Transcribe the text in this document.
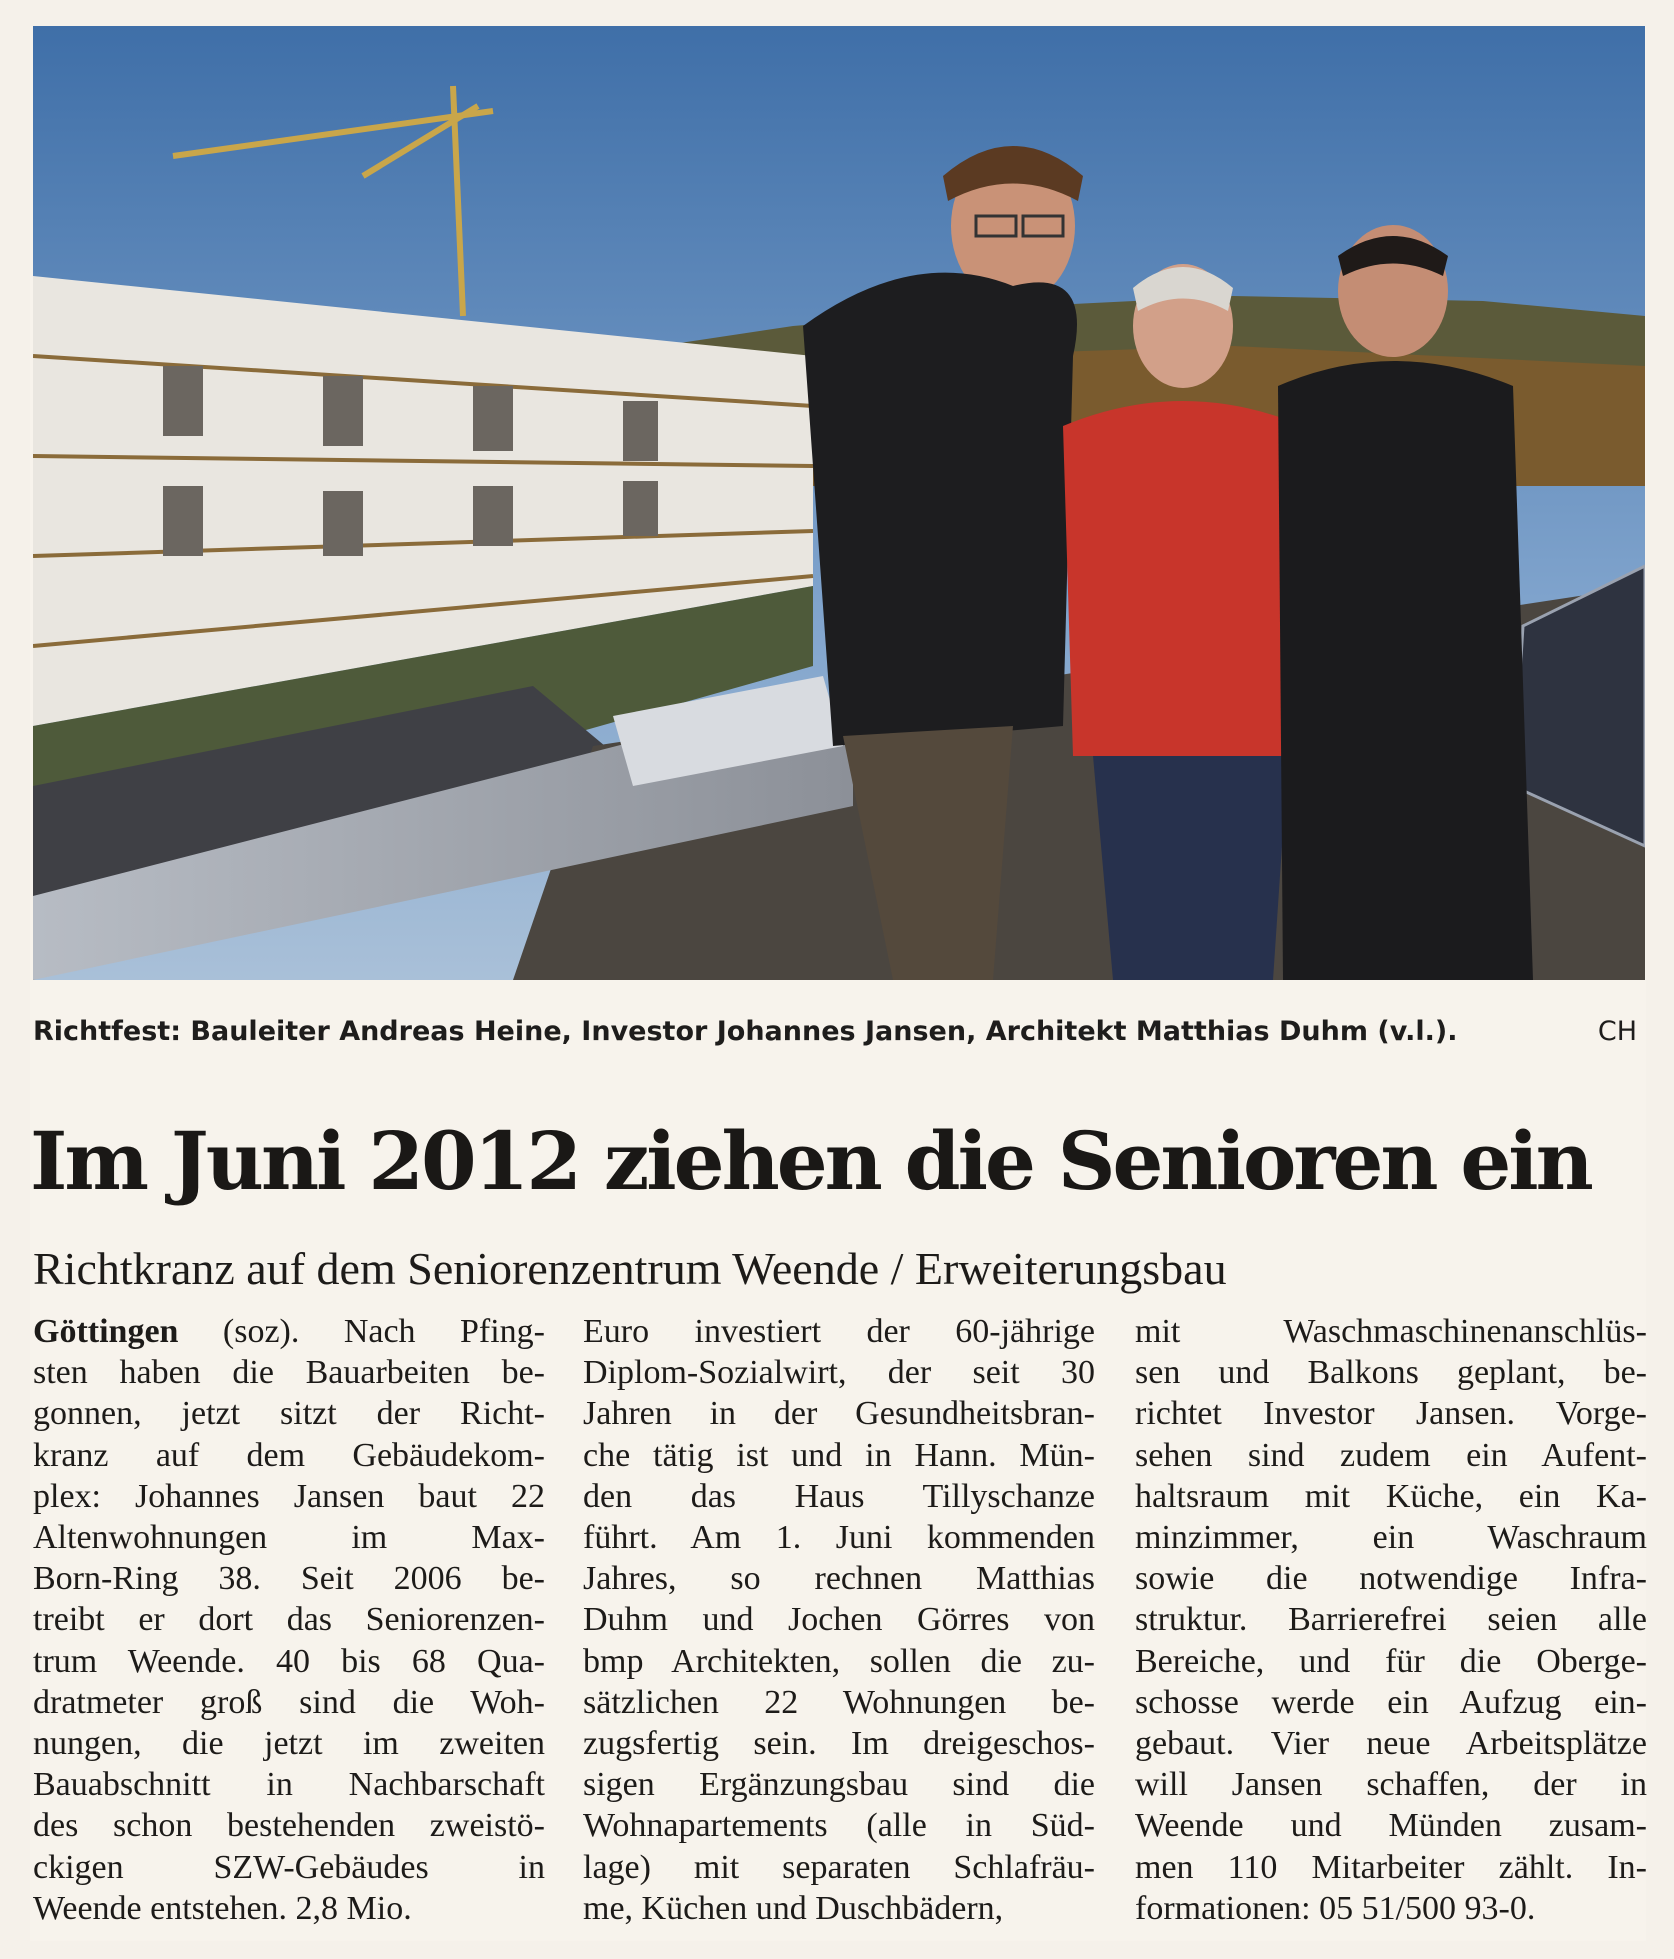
Richtfest: Bauleiter Andreas Heine, Investor Johannes Jansen, Architekt Matthias Duhm (v.l.).	CH
Im Juni 2012 ziehen die Senioren ein
Richtkranz auf dem Seniorenzentrum Weende / Erweiterungsbau
Göttingen (soz). Nach Pfing-
sten haben die Bauarbeiten be-
gonnen, jetzt sitzt der Richt-
kranz auf dem Gebäudekom-
plex: Johannes Jansen baut 22
Altenwohnungen im Max-
Born-Ring 38. Seit 2006 be-
treibt er dort das Seniorenzen-
trum Weende. 40 bis 68 Qua-
dratmeter groß sind die Woh-
nungen, die jetzt im zweiten
Bauabschnitt in Nachbarschaft
des schon bestehenden zweistö-
ckigen SZW-Gebäudes in
Weende entstehen. 2,8 Mio.
Euro investiert der 60-jährige
Diplom-Sozialwirt, der seit 30
Jahren in der Gesundheitsbran-
che tätig ist und in Hann. Mün-
den das Haus Tillyschanze
führt. Am 1. Juni kommenden
Jahres, so rechnen Matthias
Duhm und Jochen Görres von
bmp Architekten, sollen die zu-
sätzlichen 22 Wohnungen be-
zugsfertig sein. Im dreigeschos-
sigen Ergänzungsbau sind die
Wohnapartements (alle in Süd-
lage) mit separaten Schlafräu-
me, Küchen und Duschbädern,
mit Waschmaschinenanschlüs-
sen und Balkons geplant, be-
richtet Investor Jansen. Vorge-
sehen sind zudem ein Aufent-
haltsraum mit Küche, ein Ka-
minzimmer, ein Waschraum
sowie die notwendige Infra-
struktur. Barrierefrei seien alle
Bereiche, und für die Oberge-
schosse werde ein Aufzug ein-
gebaut. Vier neue Arbeitsplätze
will Jansen schaffen, der in
Weende und Münden zusam-
men 110 Mitarbeiter zählt. In-
formationen: 05 51/500 93-0.
